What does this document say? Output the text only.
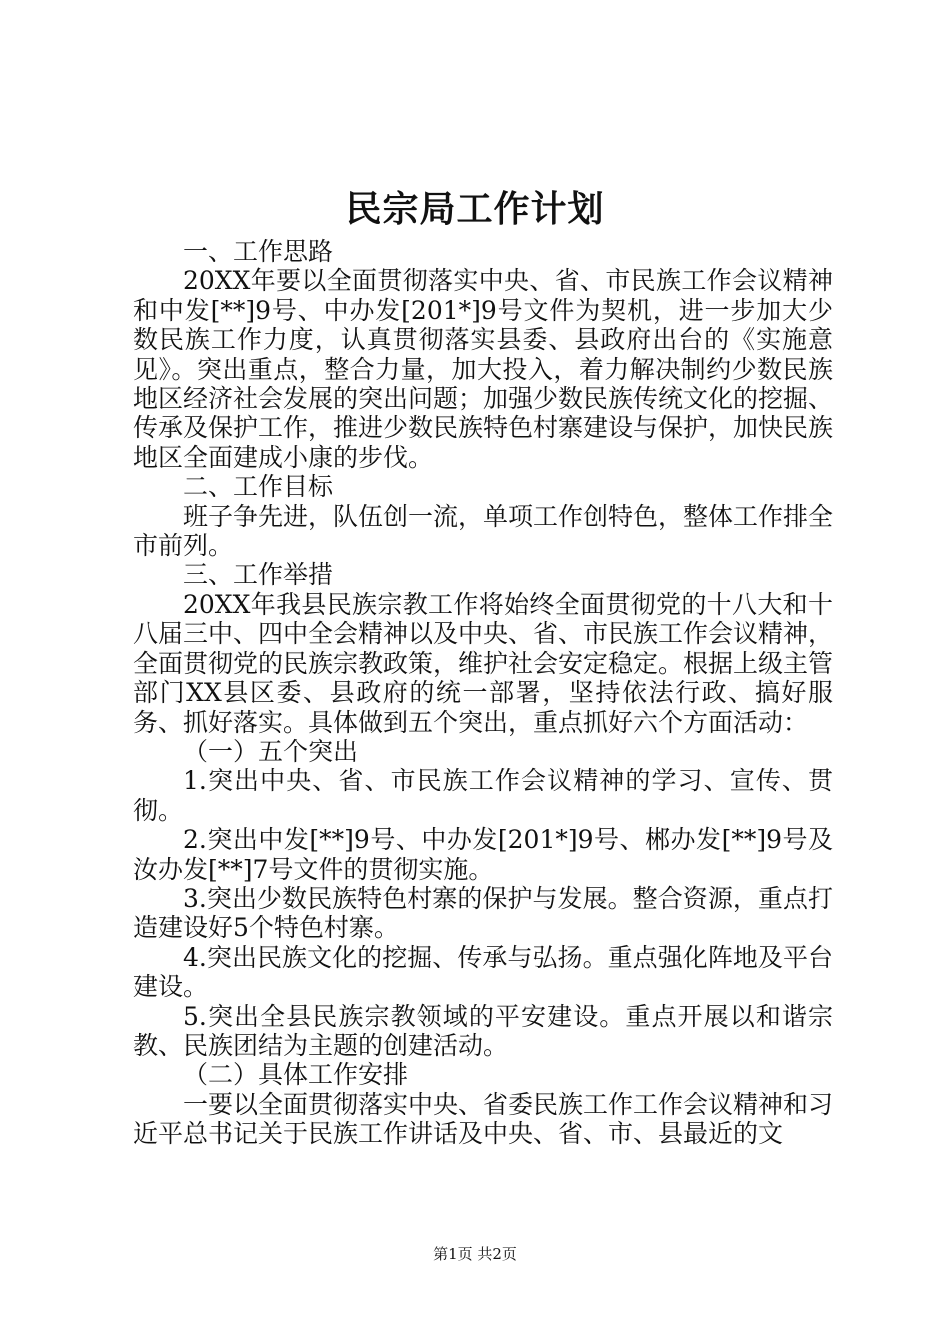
民宗局工作计划

一、工作思路

20XX年要以全面贯彻落实中央、省、市民族工作会议精神和中发[**]9号、中办发[201*]9号文件为契机，进一步加大少数民族工作力度，认真贯彻落实县委、县政府出台的《实施意见》。突出重点，整合力量，加大投入，着力解决制约少数民族地区经济社会发展的突出问题；加强少数民族传统文化的挖掘、传承及保护工作，推进少数民族特色村寨建设与保护，加快民族地区全面建成小康的步伐。

二、工作目标

班子争先进，队伍创一流，单项工作创特色，整体工作排全市前列。

三、工作举措

20XX年我县民族宗教工作将始终全面贯彻党的十八大和十八届三中、四中全会精神以及中央、省、市民族工作会议精神，全面贯彻党的民族宗教政策，维护社会安定稳定。根据上级主管部门XX县区委、县政府的统一部署，坚持依法行政、搞好服务、抓好落实。具体做到五个突出，重点抓好六个方面活动：

（一）五个突出

1.突出中央、省、市民族工作会议精神的学习、宣传、贯彻。

2.突出中发[**]9号、中办发[201*]9号、郴办发[**]9号及汝办发[**]7号文件的贯彻实施。

3.突出少数民族特色村寨的保护与发展。整合资源，重点打造建设好5个特色村寨。

4.突出民族文化的挖掘、传承与弘扬。重点强化阵地及平台建设。

5.突出全县民族宗教领域的平安建设。重点开展以和谐宗教、民族团结为主题的创建活动。

（二）具体工作安排

一要以全面贯彻落实中央、省委民族工作工作会议精神和习近平总书记关于民族工作讲话及中央、省、市、县最近的文

第1页 共2页
